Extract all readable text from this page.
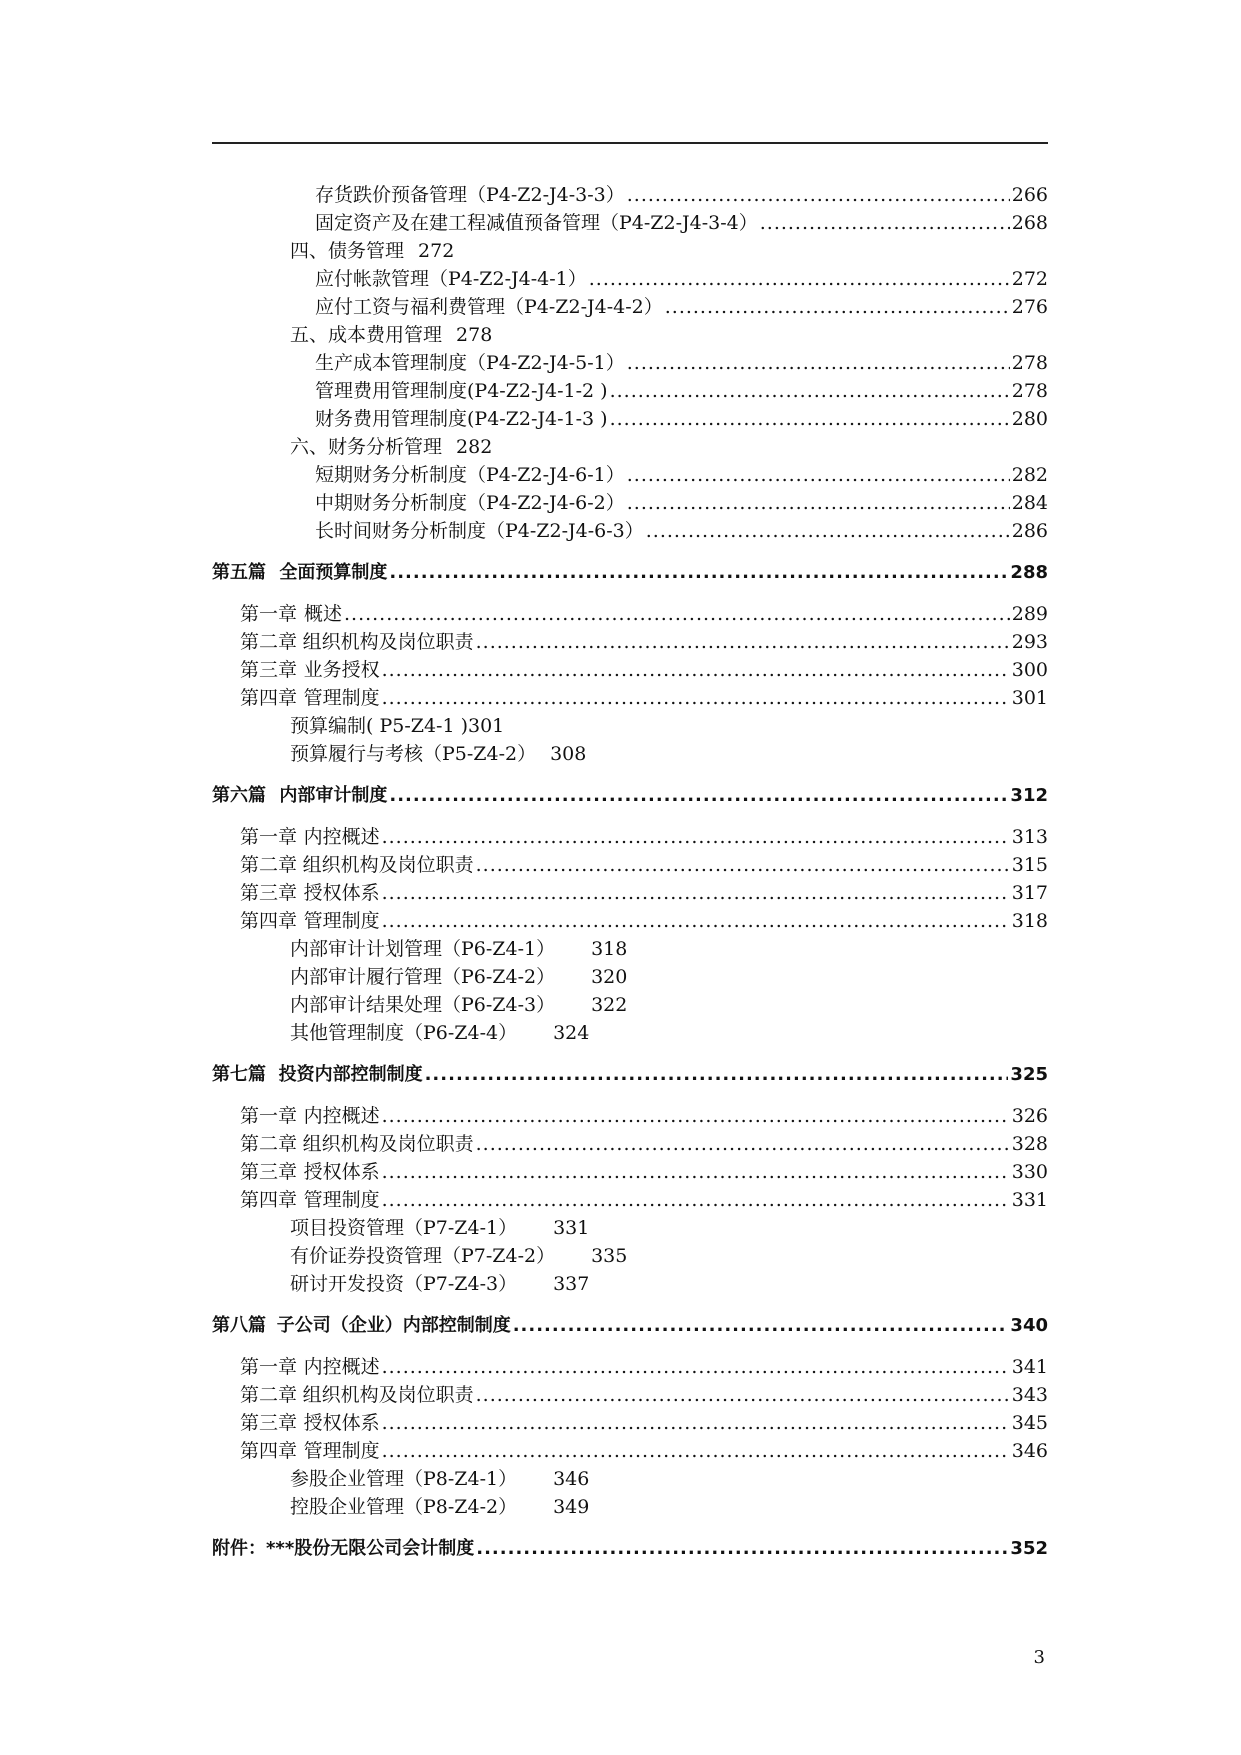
存货跌价预备管理（P4-Z2-J4-3-3） .....	266
固定资产及在建工程减值预备管理（P4-Z2-J4-3-4） .....	268
四、债务管理 272
应付帐款管理（P4-Z2-J4-4-1） .....	272
应付工资与福利费管理（P4-Z2-J4-4-2） .....	276
五、成本费用管理 278
生产成本管理制度（P4-Z2-J4-5-1） .....	278
管理费用管理制度(P4-Z2-J4-1-2 ) .....	278
财务费用管理制度(P4-Z2-J4-1-3 ) .....	280
六、财务分析管理 282
短期财务分析制度（P4-Z2-J4-6-1） .....	282
中期财务分析制度（P4-Z2-J4-6-2） .....	284
长时间财务分析制度（P4-Z2-J4-6-3） .....	286
第五篇 全面预算制度 .....	288
第一章 概述 .....	289
第二章 组织机构及岗位职责 .....	293
第三章 业务授权 .....	300
第四章 管理制度 .....	301
预算编制( P5-Z4-1 ) 301
预算履行与考核（P5-Z4-2） 308
第六篇 内部审计制度 .....	312
第一章 内控概述 .....	313
第二章 组织机构及岗位职责 .....	315
第三章 授权体系 .....	317
第四章 管理制度 .....	318
内部审计计划管理（P6-Z4-1） 318
内部审计履行管理（P6-Z4-2） 320
内部审计结果处理（P6-Z4-3） 322
其他管理制度（P6-Z4-4） 324
第七篇 投资内部控制制度 .....	325
第一章 内控概述 .....	326
第二章 组织机构及岗位职责 .....	328
第三章 授权体系 .....	330
第四章 管理制度 .....	331
项目投资管理（P7-Z4-1） 331
有价证券投资管理（P7-Z4-2） 335
研讨开发投资（P7-Z4-3） 337
第八篇 子公司（企业）内部控制制度 .....	340
第一章 内控概述 .....	341
第二章 组织机构及岗位职责 .....	343
第三章 授权体系 .....	345
第四章 管理制度 .....	346
参股企业管理（P8-Z4-1） 346
控股企业管理（P8-Z4-2） 349
附件：***股份无限公司会计制度 .....	352
3
